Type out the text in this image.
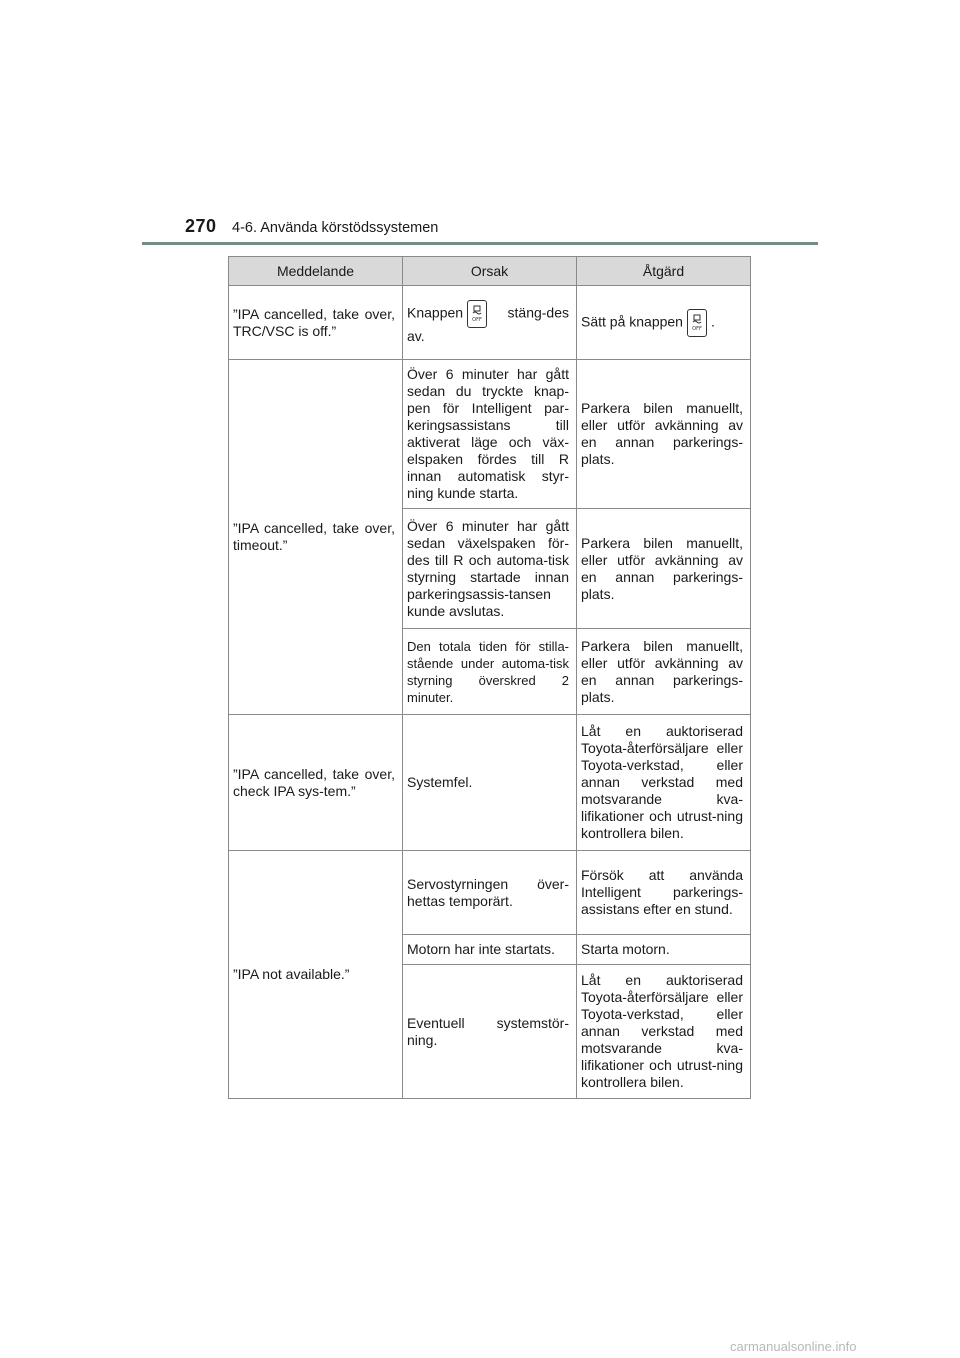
270 4-6. Använda körstödssystemen
Meddelande	Orsak	Åtgärd
”IPA cancelled, take over, TRC/VSC is off.”	Knappen OFF stäng-des av.	Sätt på knappen OFF .
”IPA cancelled, take over, timeout.”	Över 6 minuter har gått sedan du tryckte knap-pen för Intelligent par-keringsassistans till aktiverat läge och väx-elspaken fördes till R innan automatisk styr-ning kunde starta.	Parkera bilen manuellt, eller utför avkänning av en annan parkerings-plats.
	Över 6 minuter har gått sedan växelspaken för-des till R och automa-tisk styrning startade innan parkeringsassis-tansen kunde avslutas.	Parkera bilen manuellt, eller utför avkänning av en annan parkerings-plats.
	Den totala tiden för stilla-stående under automa-tisk styrning överskred 2 minuter.	Parkera bilen manuellt, eller utför avkänning av en annan parkerings-plats.
”IPA cancelled, take over, check IPA sys-tem.”	Systemfel.	Låt en auktoriserad Toyota-återförsäljare eller Toyota-verkstad, eller annan verkstad med motsvarande kva-lifikationer och utrust-ning kontrollera bilen.
”IPA not available.”	Servostyrningen över-hettas temporärt.	Försök att använda Intelligent parkerings-assistans efter en stund.
	Motorn har inte startats.	Starta motorn.
	Eventuell systemstör-ning.	Låt en auktoriserad Toyota-återförsäljare eller Toyota-verkstad, eller annan verkstad med motsvarande kva-lifikationer och utrust-ning kontrollera bilen.
carmanualsonline.info
